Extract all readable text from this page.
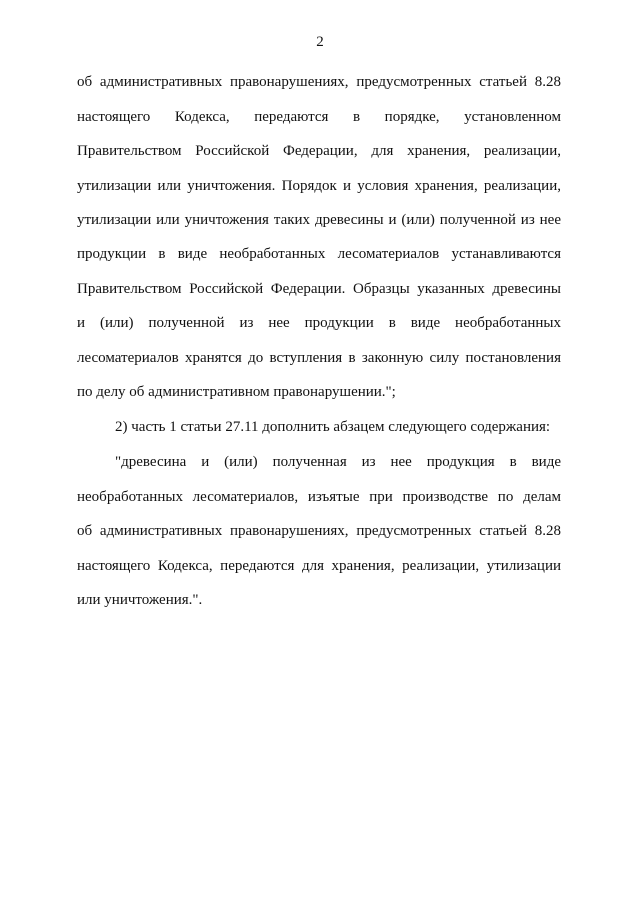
2
об административных правонарушениях, предусмотренных статьей 8.28
настоящего Кодекса, передаются в порядке, установленном
Правительством Российской Федерации, для хранения, реализации,
утилизации или уничтожения. Порядок и условия хранения, реализации,
утилизации или уничтожения таких древесины и (или) полученной из нее
продукции в виде необработанных лесоматериалов устанавливаются
Правительством Российской Федерации. Образцы указанных древесины
и (или) полученной из нее продукции в виде необработанных
лесоматериалов хранятся до вступления в законную силу постановления
по делу об административном правонарушении.";
2) часть 1 статьи 27.11 дополнить абзацем следующего содержания:
"древесина и (или) полученная из нее продукция в виде
необработанных лесоматериалов, изъятые при производстве по делам
об административных правонарушениях, предусмотренных статьей 8.28
настоящего Кодекса, передаются для хранения, реализации, утилизации
или уничтожения.".
